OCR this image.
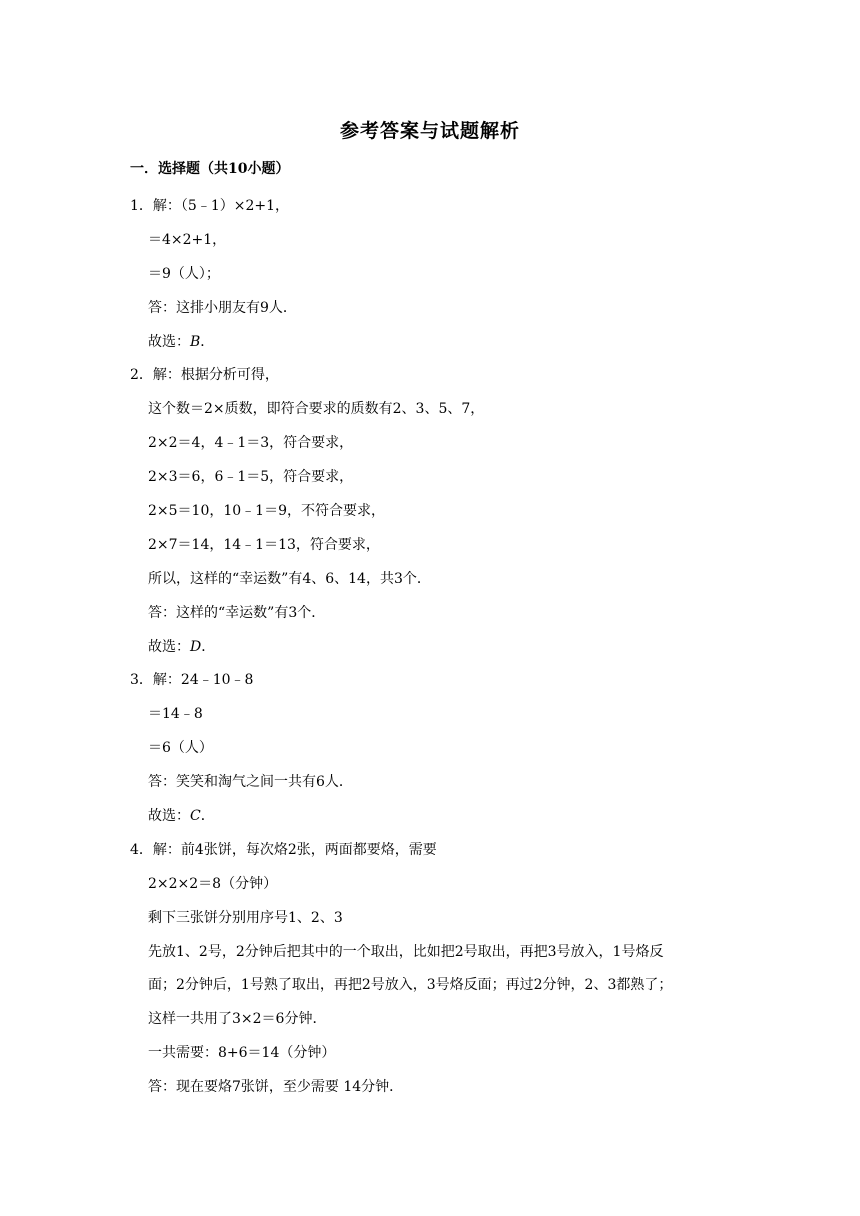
参考答案与试题解析
一．选择题（共10小题）
1．解：（5﹣1）×2+1，
＝4×2+1，
＝9（人）；
答：这排小朋友有9人．
故选：B．
2．解：根据分析可得，
这个数＝2×质数，即符合要求的质数有2、3、5、7，
2×2＝4，4﹣1＝3，符合要求，
2×3＝6，6﹣1＝5，符合要求，
2×5＝10，10﹣1＝9，不符合要求，
2×7＝14，14﹣1＝13，符合要求，
所以，这样的“幸运数”有4、6、14，共3个．
答：这样的“幸运数”有3个．
故选：D．
3．解：24﹣10﹣8
＝14﹣8
＝6（人）
答：笑笑和淘气之间一共有6人．
故选：C．
4．解：前4张饼，每次烙2张，两面都要烙，需要
2×2×2＝8（分钟）
剩下三张饼分别用序号1、2、3
先放1、2号，2分钟后把其中的一个取出，比如把2号取出，再把3号放入，1号烙反
面；2分钟后，1号熟了取出，再把2号放入，3号烙反面；再过2分钟，2、3都熟了；
这样一共用了3×2＝6分钟．
一共需要：8+6＝14（分钟）
答：现在要烙7张饼，至少需要 14分钟．
